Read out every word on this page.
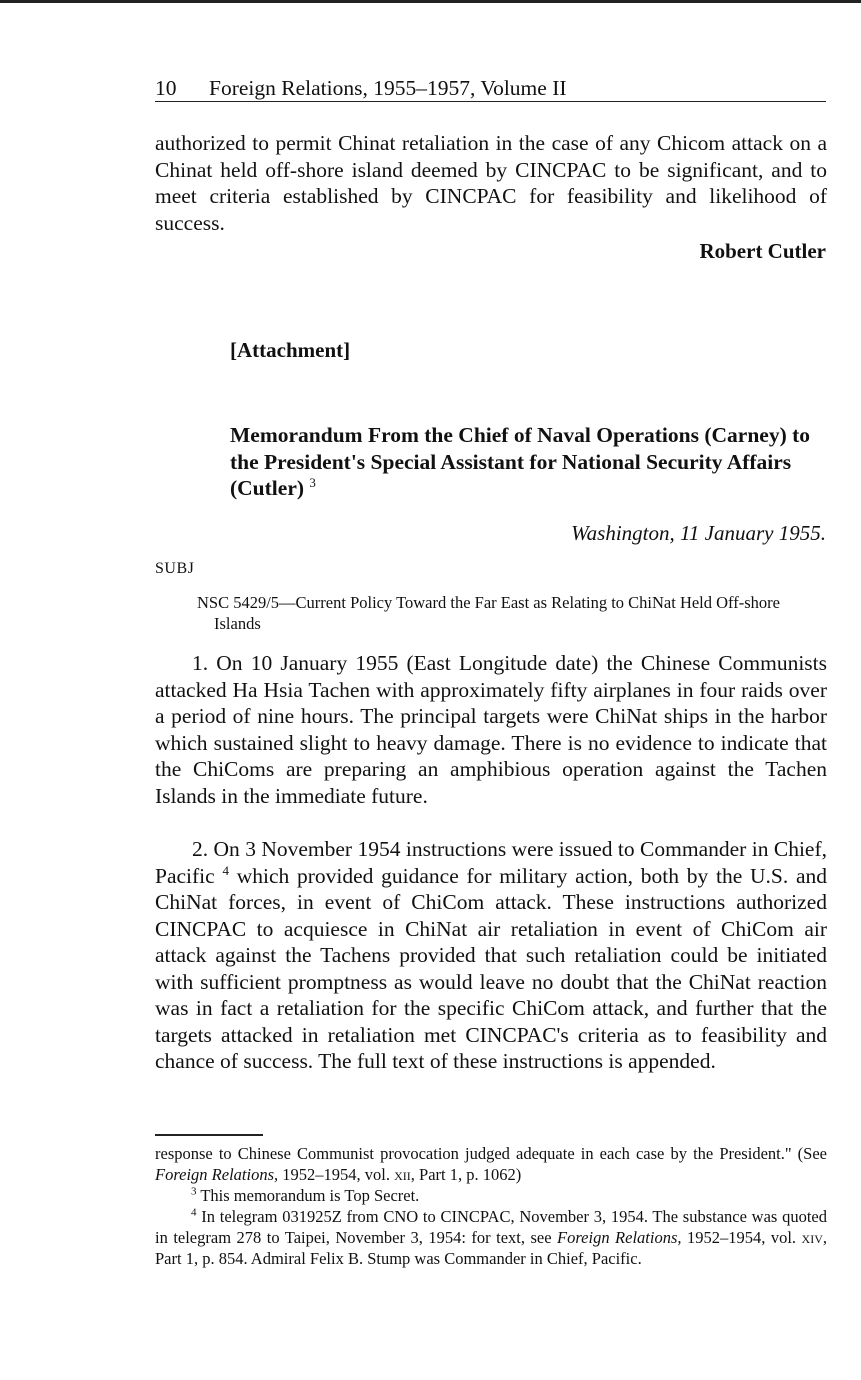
10 Foreign Relations, 1955–1957, Volume II
authorized to permit Chinat retaliation in the case of any Chicom attack on a Chinat held off-shore island deemed by CINCPAC to be significant, and to meet criteria established by CINCPAC for feasibility and likelihood of success.
Robert Cutler
[Attachment]
Memorandum From the Chief of Naval Operations (Carney) to the President's Special Assistant for National Security Affairs (Cutler) $^3$
Washington, 11 January 1955.
SUBJ
NSC 5429/5—Current Policy Toward the Far East as Relating to ChiNat Held Off-shore Islands
1. On 10 January 1955 (East Longitude date) the Chinese Communists attacked Ha Hsia Tachen with approximately fifty airplanes in four raids over a period of nine hours. The principal targets were ChiNat ships in the harbor which sustained slight to heavy damage. There is no evidence to indicate that the ChiComs are preparing an amphibious operation against the Tachen Islands in the immediate future.
2. On 3 November 1954 instructions were issued to Commander in Chief, Pacific $^4$ which provided guidance for military action, both by the U.S. and ChiNat forces, in event of ChiCom attack. These instructions authorized CINCPAC to acquiesce in ChiNat air retaliation in event of ChiCom air attack against the Tachens provided that such retaliation could be initiated with sufficient promptness as would leave no doubt that the ChiNat reaction was in fact a retaliation for the specific ChiCom attack, and further that the targets attacked in retaliation met CINCPAC's criteria as to feasibility and chance of success. The full text of these instructions is appended.

response to Chinese Communist provocation judged adequate in each case by the President." (See Foreign Relations, 1952–1954, vol. xii, Part 1, p. 1062)

$^3$ This memorandum is Top Secret.

$^4$ In telegram 031925Z from CNO to CINCPAC, November 3, 1954. The substance was quoted in telegram 278 to Taipei, November 3, 1954: for text, see Foreign Relations, 1952–1954, vol. xiv, Part 1, p. 854. Admiral Felix B. Stump was Commander in Chief, Pacific.
